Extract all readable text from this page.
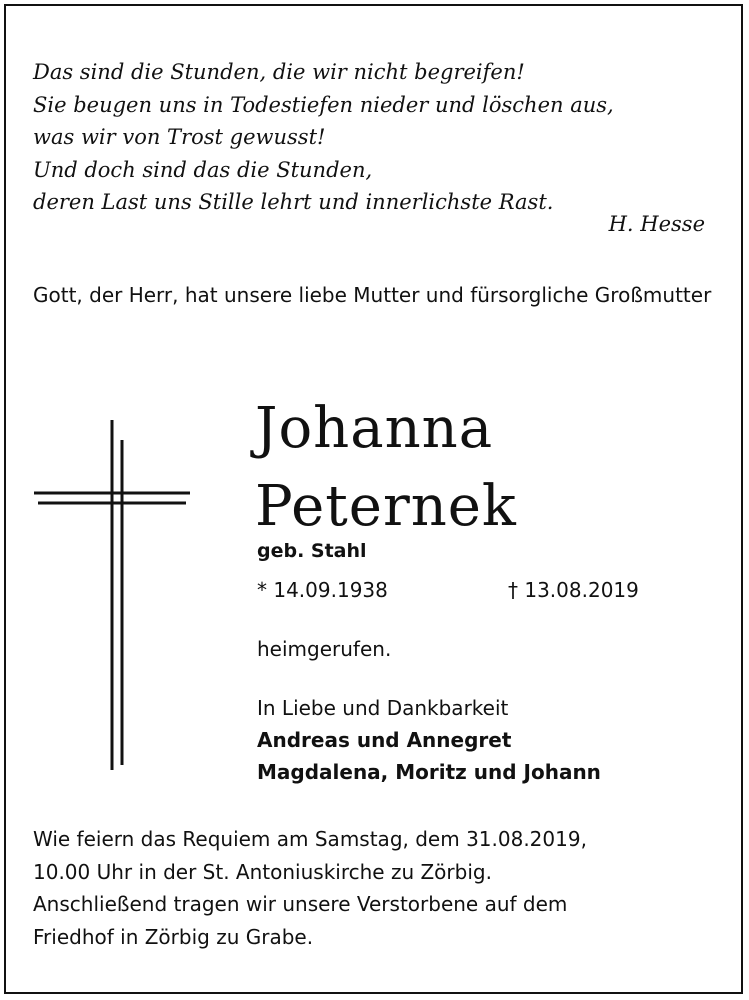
Das sind die Stunden, die wir nicht begreifen!
Sie beugen uns in Todestiefen nieder und löschen aus,
was wir von Trost gewusst!
Und doch sind das die Stunden,
deren Last uns Stille lehrt und innerlichste Rast.
H. Hesse
Gott, der Herr, hat unsere liebe Mutter und fürsorgliche Großmutter
Johanna
Peternek
geb. Stahl
* 14.09.1938	† 13.08.2019
heimgerufen.
In Liebe und Dankbarkeit
Andreas und Annegret
Magdalena, Moritz und Johann
Wie feiern das Requiem am Samstag, dem 31.08.2019,
10.00 Uhr in der St. Antoniuskirche zu Zörbig.
Anschließend tragen wir unsere Verstorbene auf dem
Friedhof in Zörbig zu Grabe.
